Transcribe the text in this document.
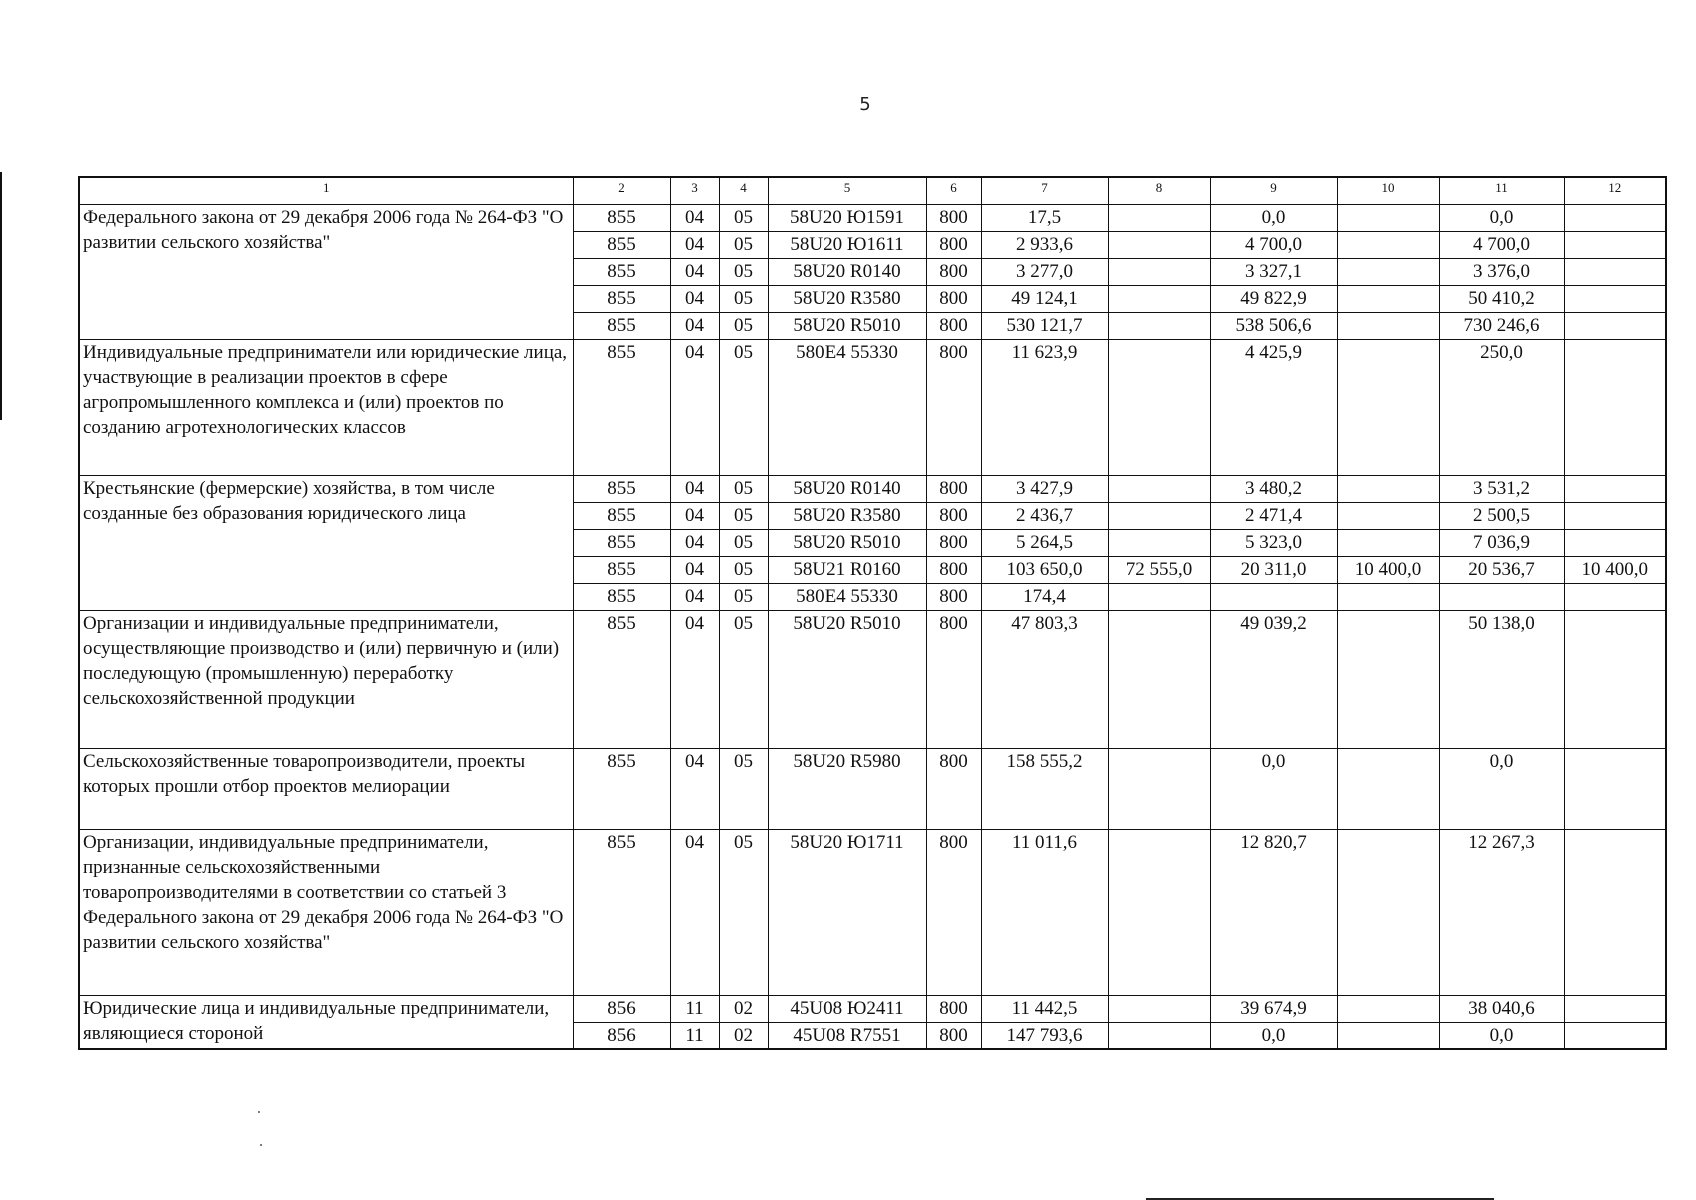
5
1	2	3	4	5	6	7	8	9	10	11	12
Федерального закона от 29 декабря 2006 года № 264-ФЗ "О развитии сельского хозяйства"	855	04	05	58U20 Ю1591	800	17,5		0,0		0,0	
	855	04	05	58U20 Ю1611	800	2 933,6		4 700,0		4 700,0	
	855	04	05	58U20 R0140	800	3 277,0		3 327,1		3 376,0	
	855	04	05	58U20 R3580	800	49 124,1		49 822,9		50 410,2	
	855	04	05	58U20 R5010	800	530 121,7		538 506,6		730 246,6	
Индивидуальные предприниматели или юридические лица, участвующие в реализации проектов в сфере агропромышленного комплекса и (или) проектов по созданию агротехнологических классов	855	04	05	580E4 55330	800	11 623,9		4 425,9		250,0	
Крестьянские (фермерские) хозяйства, в том числе созданные без образования юридического лица	855	04	05	58U20 R0140	800	3 427,9		3 480,2		3 531,2	
	855	04	05	58U20 R3580	800	2 436,7		2 471,4		2 500,5	
	855	04	05	58U20 R5010	800	5 264,5		5 323,0		7 036,9	
	855	04	05	58U21 R0160	800	103 650,0	72 555,0	20 311,0	10 400,0	20 536,7	10 400,0
	855	04	05	580E4 55330	800	174,4					
Организации и индивидуальные предприниматели, осуществляющие производство и (или) первичную и (или) последующую (промышленную) переработку сельскохозяйственной продукции	855	04	05	58U20 R5010	800	47 803,3		49 039,2		50 138,0	
Сельскохозяйственные товаропроизводители, проекты которых прошли отбор проектов мелиорации	855	04	05	58U20 R5980	800	158 555,2		0,0		0,0	
Организации, индивидуальные предприниматели, признанные сельскохозяйственными товаропроизводителями в соответствии со статьей 3 Федерального закона от 29 декабря 2006 года № 264-ФЗ "О развитии сельского хозяйства"	855	04	05	58U20 Ю1711	800	11 011,6		12 820,7		12 267,3	
Юридические лица и индивидуальные предприниматели, являющиеся стороной	856	11	02	45U08 Ю2411	800	11 442,5		39 674,9		38 040,6	
	856	11	02	45U08 R7551	800	147 793,6		0,0		0,0	
